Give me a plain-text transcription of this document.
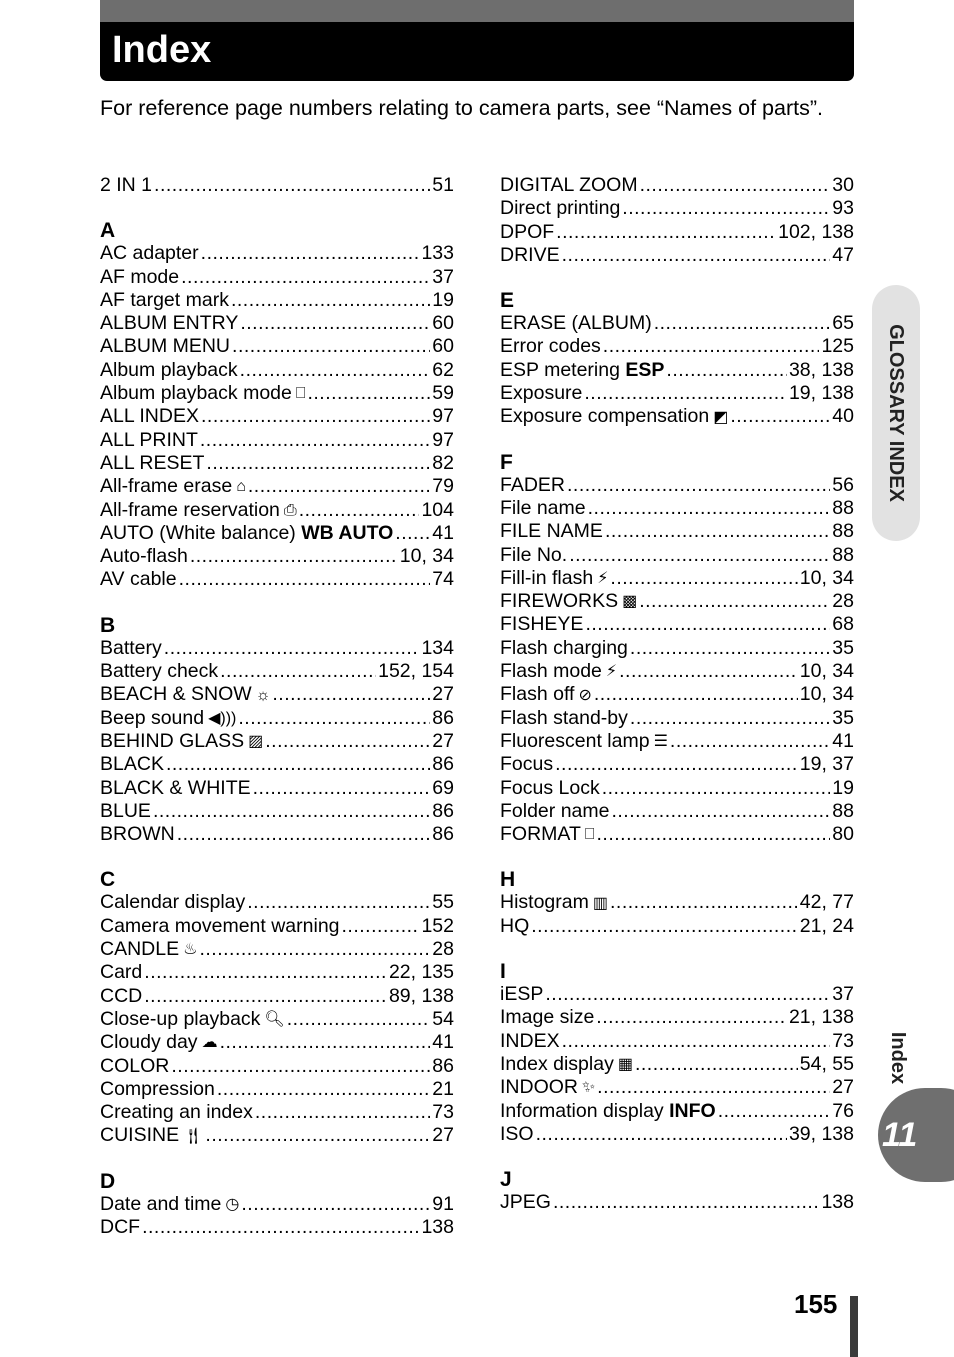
Index
For reference page numbers relating to camera parts, see “Names of parts”.
2 IN 1 .....	51
A
AC adapter .....	133
AF mode .....	37
AF target mark .....	19
ALBUM ENTRY .....	60
ALBUM MENU .....	60
Album playback .....	62
Album playback mode ⎕ .....	59
ALL INDEX .....	97
ALL PRINT .....	97
ALL RESET .....	82
All-frame erase ⌂ .....	79
All-frame reservation ⎙ .....	104
AUTO (White balance) WB AUTO ..... 41
Auto-flash .....	10, 34
AV cable .....	74
B
Battery .....	134
Battery check .....	152, 154
BEACH & SNOW ☼ .....	27
Beep sound ◀))) .....	86
BEHIND GLASS ▨ .....	27
BLACK .....	86
BLACK & WHITE .....	69
BLUE .....	86
BROWN .....	86
C
Calendar display .....	55
Camera movement warning .....	152
CANDLE ♨ .....	28
Card .....	22, 135
CCD .....	89, 138
Close-up playback 🔍︎ .....	54
Cloudy day ☁ .....	41
COLOR .....	86
Compression .....	21
Creating an index .....	73
CUISINE 🍴︎ .....	27
D
Date and time ◷ .....	91
DCF .....	138
DIGITAL ZOOM .....	30
Direct printing .....	93
DPOF .....	102, 138
DRIVE .....	47
E
ERASE (ALBUM) .....	65
Error codes .....	125
ESP metering ESP .....	38, 138
Exposure .....	19, 138
Exposure compensation ◩ .....	40
F
FADER .....	56
File name .....	88
FILE NAME .....	88
File No. .....	88
Fill-in flash ⚡︎ .....	10, 34
FIREWORKS ▩ .....	28
FISHEYE .....	68
Flash charging .....	35
Flash mode ⚡︎ .....	10, 34
Flash off ⊘ .....	10, 34
Flash stand-by .....	35
Fluorescent lamp ☰ .....	41
Focus .....	19, 37
Focus Lock .....	19
Folder name .....	88
FORMAT ⎕ .....	80
H
Histogram ▥ .....	42, 77
HQ .....	21, 24
I
iESP .....	37
Image size .....	21, 138
INDEX .....	73
Index display ▦ .....	54, 55
INDOOR ✨︎ .....	27
Information display INFO .....	76
ISO .....	39, 138
J
JPEG .....	138
GLOSSARY INDEX
Index
11
155
